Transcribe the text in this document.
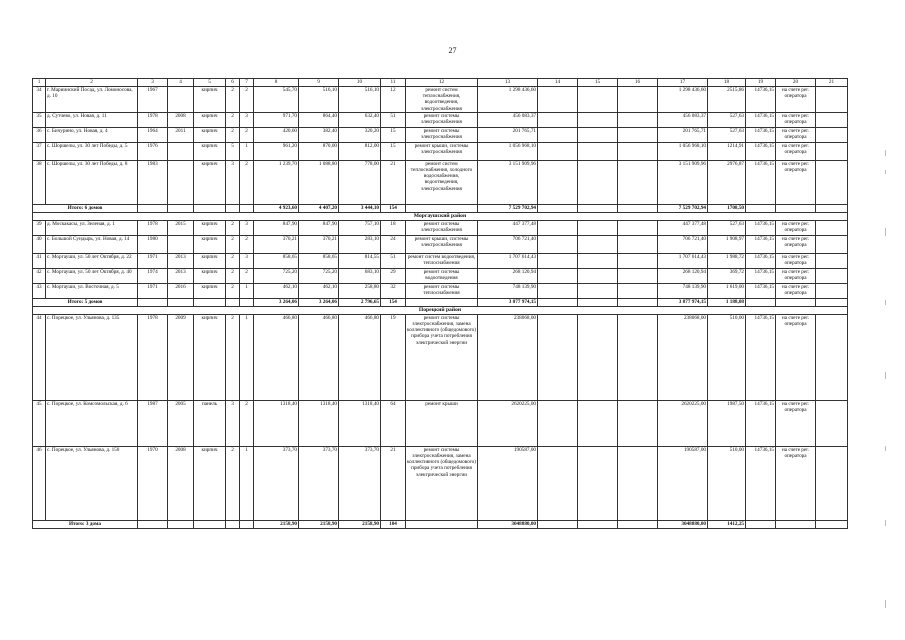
27
1	2	3	4	5	6	7	8	9	10	11	12	13	14	15	16	17	18	19	20	21
34	г. Мариинский Посад, ул. Ломоносова, д. 10	1967		кирпич	2	2	545,70	516,10	516,10	12	ремонт систем теплоснабжения, водоотведения, электроснабжения	1 298 436,60				1 298 436,60	2515,86	14736,15	на счете рег. оператора	
35	д. Сутчево, ул. Новая, д. 11	1978	2008	кирпич	2	3	971,70	864,40	632,40	51	ремонт системы электроснабжения	456 083,37				456 083,37	527,63	14736,15	на счете рег. оператора	
36	с. Бичурино, ул. Новая, д. 4	1964	2011	кирпич	2	2	420,60	382,40	320,20	15	ремонт системы электроснабжения	201 765,71				201 765,71	527,63	14736,15	на счете рег. оператора	
37	с. Шоршелы, ул. 30 лет Победы, д. 5	1976		кирпич	5	1	961,20	870,00	812,00	15	ремонт крыши, системы электроснабжения	1 056 968,10				1 056 968,10	1214,91	14736,15	на счете рег. оператора	
38	с. Шоршелы, ул. 30 лет Победы, д. 8	1983		кирпич	3	2	1 239,70	1 088,80	778,00	21	ремонт систем теплоснабжения, холодного водоснабжения, водоотведения, электроснабжения	3 151 909,96				3 151 909,96	2976,87	14736,15	на счете рег. оператора	
Итого: 6 домов							4 923,60	4 407,20	3 444,10	154		7 529 702,94				7 529 702,94	1708,50			
Моргаушский район																				
39	д. Москакасы, ул. Зеленая, д. 1	1978	2015	кирпич	2	3	847,90	847,90	757,10	18	ремонт системы электроснабжения	447 377,48				447 377,48	527,63	14736,15	на счете рег. оператора	
40	с. Большой Сундырь, ул. Новая, д. 14	1980		кирпич	2	2	370,21	370,21	283,10	24	ремонт крыши, системы электроснабжения	706 721,40				706 721,40	1 908,97	14736,15	на счете рег. оператора	
41	с. Моргауши, ул. 50 лет Октября, д. 22	1971	2013	кирпич	2	3	858,65	858,65	814,55	51	ремонт систем водоотведения, теплоснабжения	1 707 614,43				1 707 614,43	1 988,72	14736,15	на счете рег. оператора	
42	с. Моргауши, ул. 50 лет Октября, д. 40	1974	2013	кирпич	2	2	725,20	725,20	683,10	29	ремонт системы водоотведения	268 120,94				268 120,94	369,72	14736,15	на счете рег. оператора	
43	с. Моргауши, ул. Восточная, д. 5	1971	2016	кирпич	2	1	462,10	462,10	258,80	32	ремонт системы теплоснабжения	748 139,90				748 139,90	1 619,00	14736,15	на счете рег. оператора	
Итого: 5 домов							3 264,06	3 264,06	2 796,65	154		3 877 974,15				3 877 974,15	1 188,08			
Порецкий район																				
44	с. Порецкое, ул. Ульянова, д. 135	1978	2009	кирпич	2	1	466,80	466,80	466,80	19	ремонт системы электроснабжения, замена коллективного (общедомового) прибора учета потребления электрической энергии	238068,00				238068,00	510,00	14736,15	на счете рег. оператора	
45	с. Порецкое, ул. Комсомольская, д. 6	1987	2005	панель	3	2	1318,40	1318,40	1318,40	64	ремонт крыши	2620225,00				2620225,00	1987,50	14736,15	на счете рег. оператора	
46	с. Порецкое, ул. Ульянова, д. 150	1970	2008	кирпич	2	1	373,70	373,70	373,70	21	ремонт системы электроснабжения, замена коллективного (общедомового) прибора учета потребления электрической энергии	190587,00				190587,00	510,00	14736,15	на счете рег. оператора	
Итого: 3 дома							2158,90	2158,90	2158,90	104		3048880,00				3048880,00	1412,25			
